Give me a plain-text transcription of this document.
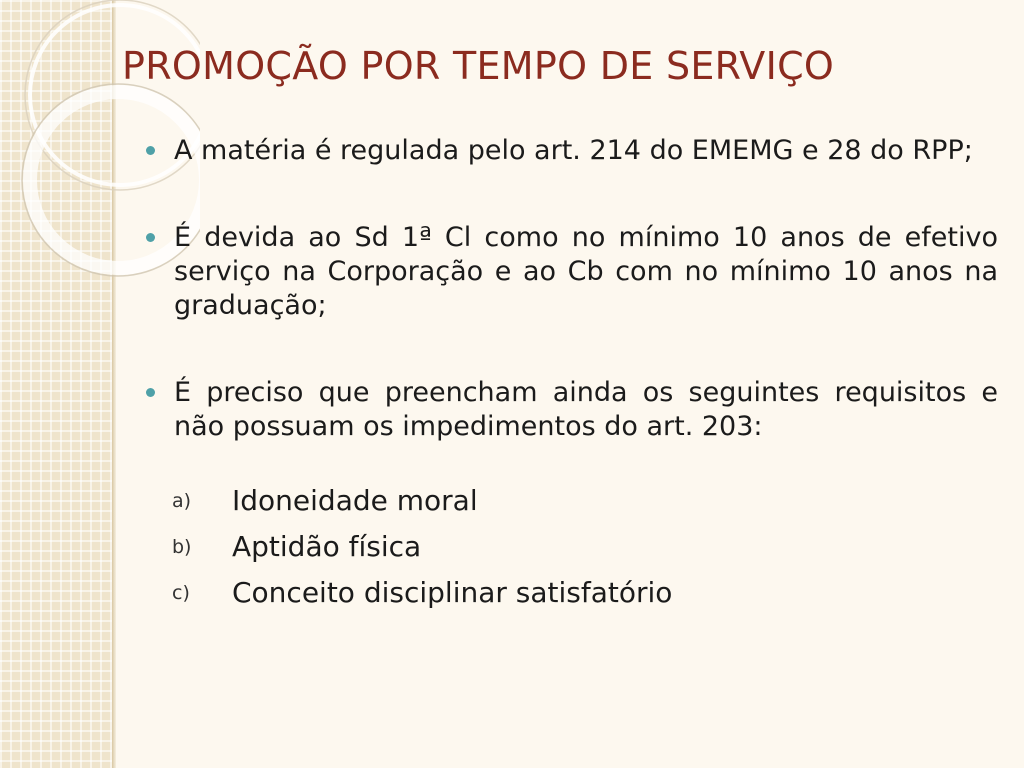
PROMOÇÃO POR TEMPO DE SERVIÇO
A matéria é regulada pelo art. 214 do EMEMG e 28 do RPP;
É devida ao Sd 1ª Cl como no mínimo 10 anos de efetivo serviço na Corporação e ao Cb com no mínimo 10 anos na graduação;
É preciso que preencham ainda os seguintes requisitos e não possuam os impedimentos do art. 203:
a) Idoneidade moral
b) Aptidão física
c) Conceito disciplinar satisfatório
